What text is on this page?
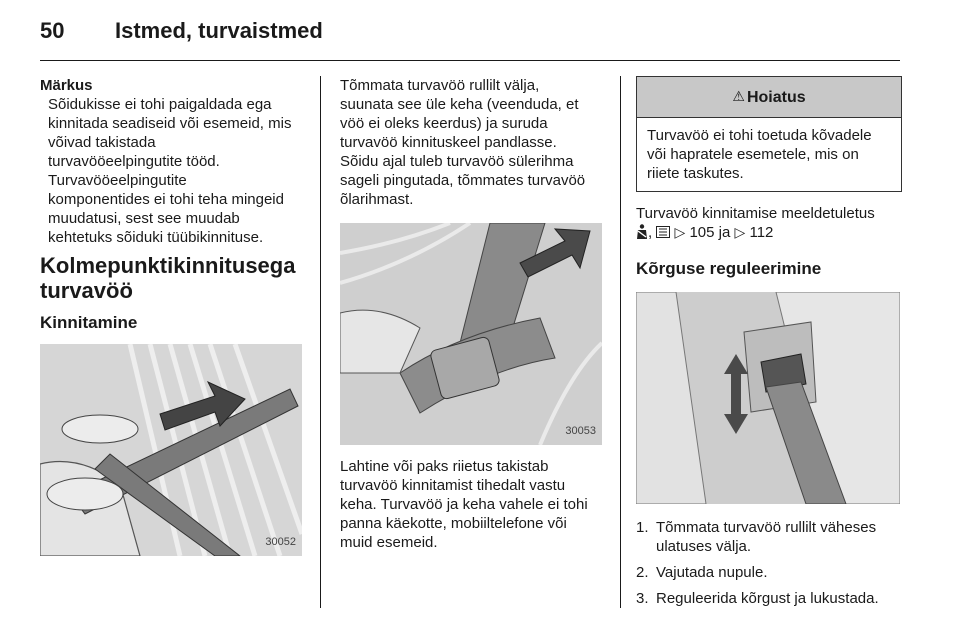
50 Istmed, turvaistmed

Märkus

Sõidukisse ei tohi paigaldada ega

kinnitada seadiseid või esemeid, mis

võivad takistada

turvavööeelpingutite tööd.

Turvavööeelpingutite

komponentides ei tohi teha mingeid

muudatusi, sest see muudab

kehtetuks sõiduki tüübikinnituse.

Kolmepunktikinnitusega
turvavöö

Kinnitamine

30052

Tõmmata turvavöö rullilt välja,

suunata see üle keha (veenduda, et

vöö ei oleks keerdus) ja suruda

turvavöö kinnituskeel pandlasse.

Sõidu ajal tuleb turvavöö sülerihma

sageli pingutada, tõmmates turvavöö

õlarihmast.

30053

Lahtine või paks riietus takistab

turvavöö kinnitamist tihedalt vastu

keha. Turvavöö ja keha vahele ei tohi

panna käekotte, mobiiltelefone või

muid esemeid.

⚠ Hoiatus

Turvavöö ei tohi toetuda kõvadele

või hapratele esemetele, mis on

riiete taskutes.

Turvavöö kinnitamise meeldetuletus

, ▷ 105 ja ▷ 112

Kõrguse reguleerimine

1. Tõmmata turvavöö rullilt väheses
ulatuses välja.
2. Vajutada nupule.
3. Reguleerida kõrgust ja lukustada.
